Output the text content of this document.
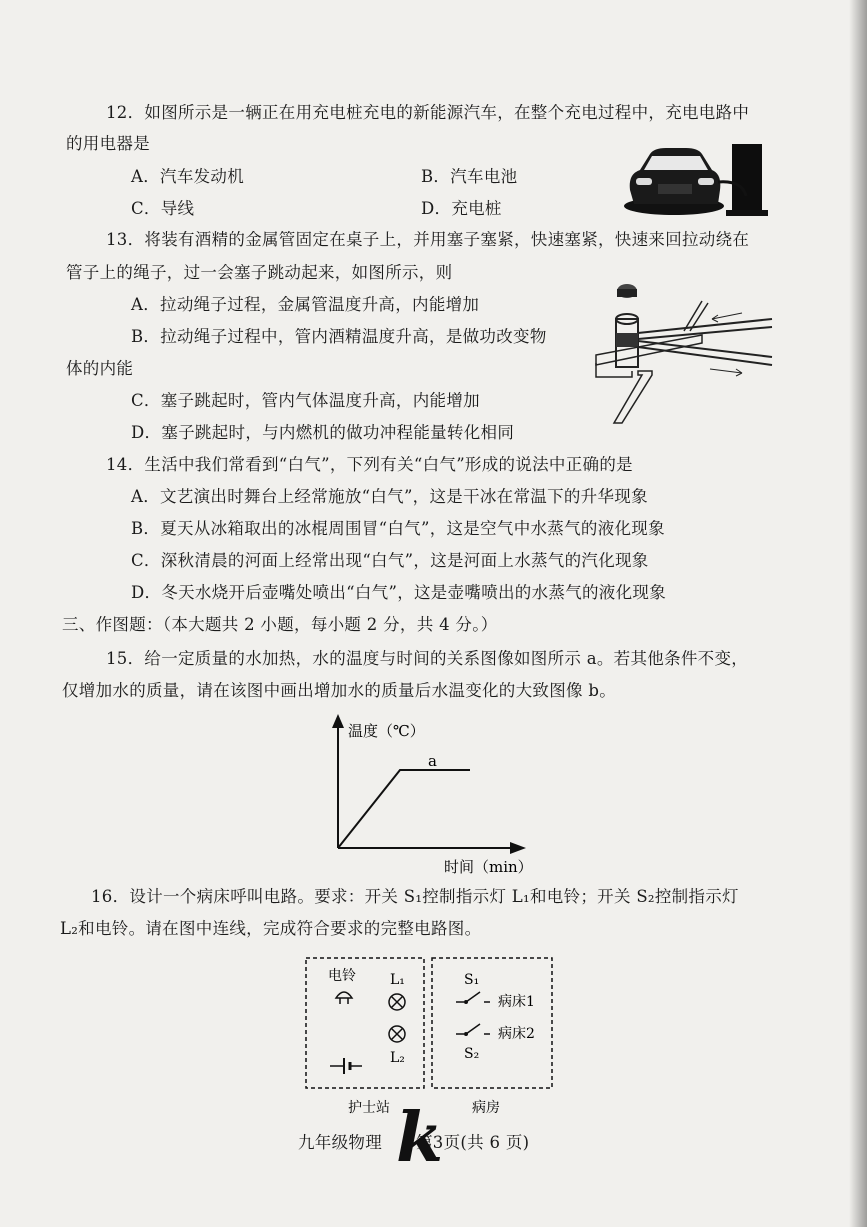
12．如图所示是一辆正在用充电桩充电的新能源汽车，在整个充电过程中，充电电路中
的用电器是
A．汽车发动机	B．汽车电池
C．导线	D．充电桩
13．将装有酒精的金属管固定在桌子上，并用塞子塞紧，快速塞紧，快速来回拉动绕在
管子上的绳子，过一会塞子跳动起来，如图所示，则
A．拉动绳子过程，金属管温度升高，内能增加
B．拉动绳子过程中，管内酒精温度升高，是做功改变物
体的内能
C．塞子跳起时，管内气体温度升高，内能增加
D．塞子跳起时，与内燃机的做功冲程能量转化相同
14．生活中我们常看到“白气”，下列有关“白气”形成的说法中正确的是
A．文艺演出时舞台上经常施放“白气”，这是干冰在常温下的升华现象
B．夏天从冰箱取出的冰棍周围冒“白气”，这是空气中水蒸气的液化现象
C．深秋清晨的河面上经常出现“白气”，这是河面上水蒸气的汽化现象
D．冬天水烧开后壶嘴处喷出“白气”，这是壶嘴喷出的水蒸气的液化现象
三、作图题：（本大题共 2 小题，每小题 2 分，共 4 分。）
15．给一定质量的水加热，水的温度与时间的关系图像如图所示 a。若其他条件不变，
仅增加水的质量，请在该图中画出增加水的质量后水温变化的大致图像 b。
温度（℃）
a
时间（min）
16．设计一个病床呼叫电路。要求：开关 S₁控制指示灯 L₁和电铃；开关 S₂控制指示灯
L₂和电铃。请在图中连线，完成符合要求的完整电路图。
电铃 L₁
L₂
S₁
病床1
病床2
S₂
护士站	病房
九年级物理 第3页(共 6 页)
k
